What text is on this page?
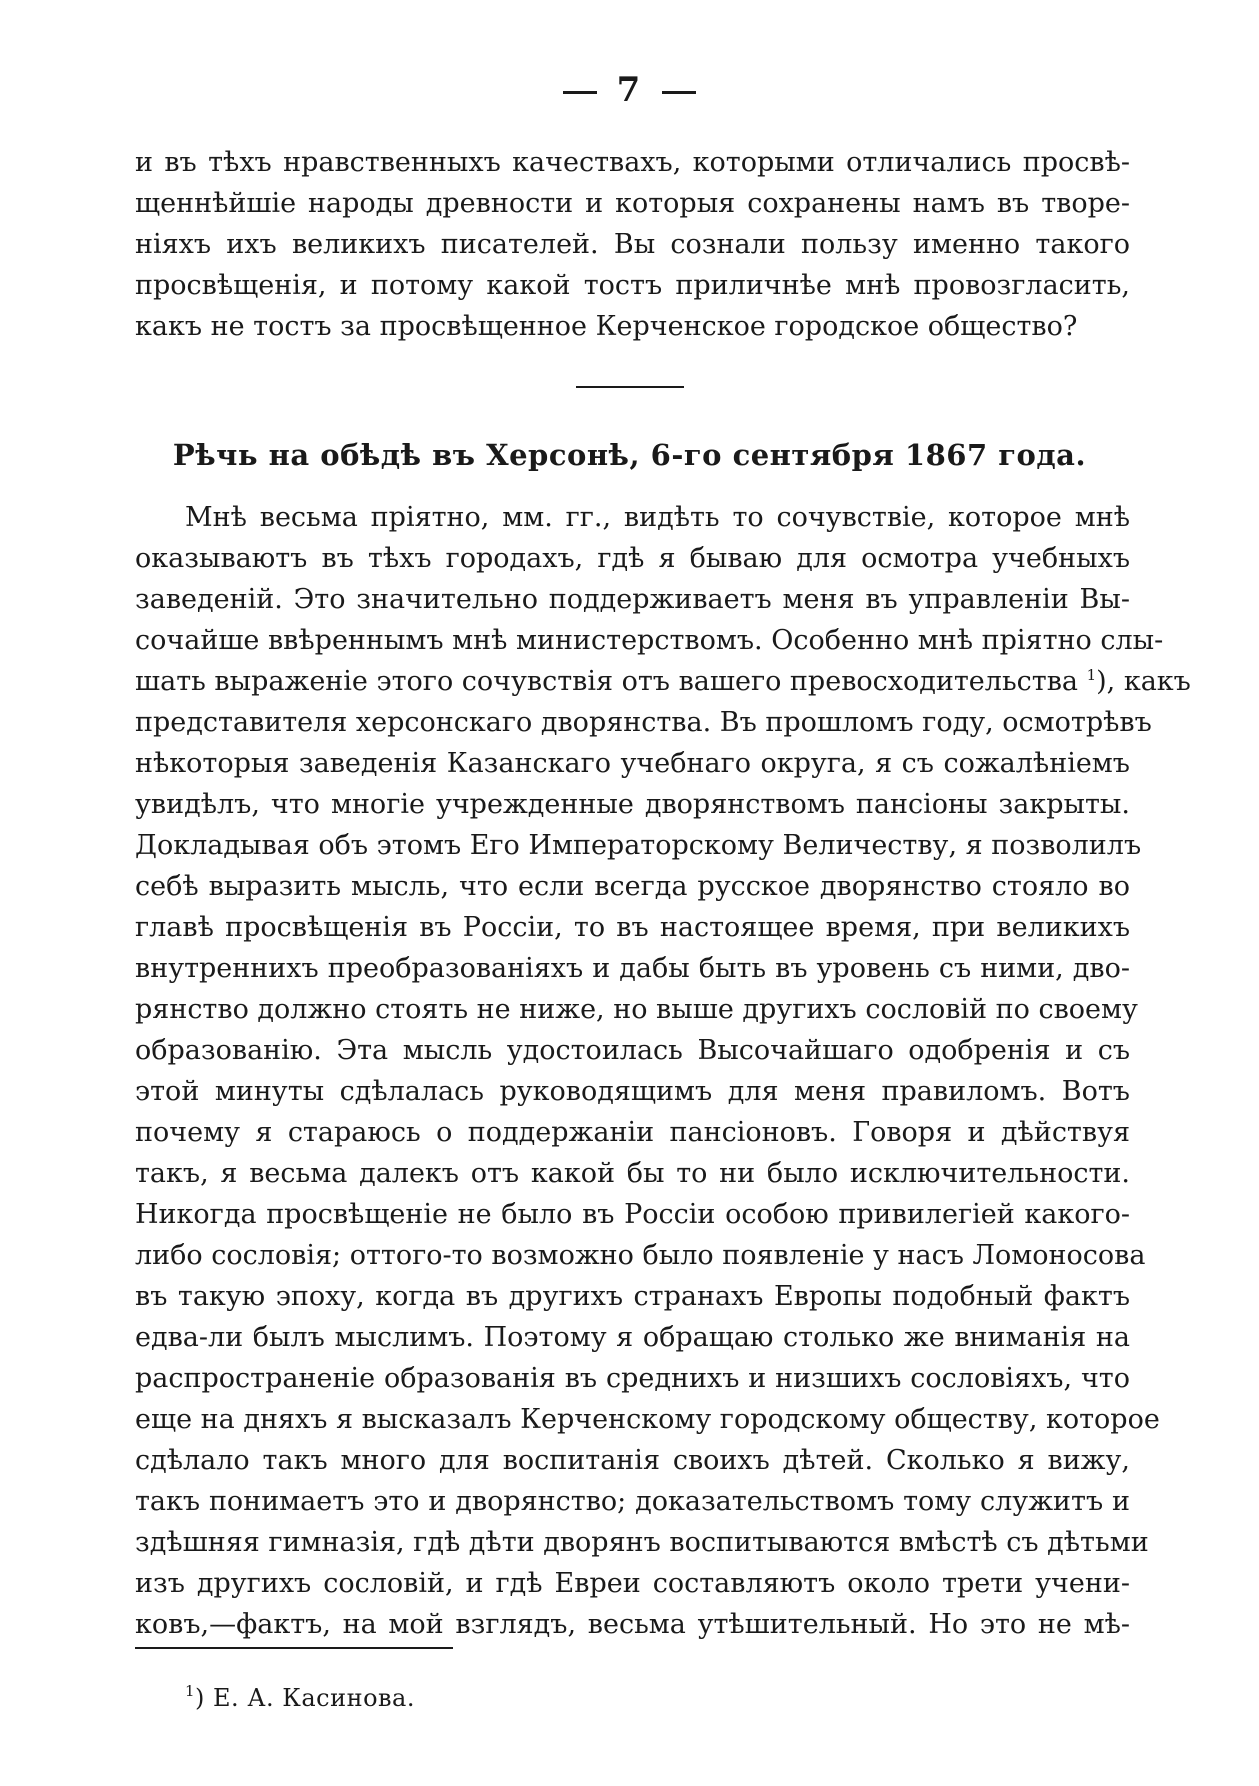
7
и въ тѣхъ нравственныхъ качествахъ, которыми отличались просвѣ-
щеннѣйшіе народы древности и которыя сохранены намъ въ творе-
ніяхъ ихъ великихъ писателей. Вы сознали пользу именно такого
просвѣщенія, и потому какой тостъ приличнѣе мнѣ провозгласить,
какъ не тостъ за просвѣщенное Керченское городское общество?
Рѣчь на обѣдѣ въ Херсонѣ, 6-го сентября 1867 года.
Мнѣ весьма пріятно, мм. гг., видѣть то сочувствіе, которое мнѣ
оказываютъ въ тѣхъ городахъ, гдѣ я бываю для осмотра учебныхъ
заведеній. Это значительно поддерживаетъ меня въ управленіи Вы-
сочайше ввѣреннымъ мнѣ министерствомъ. Особенно мнѣ пріятно слы-
шать выраженіе этого сочувствія отъ вашего превосходительства $^1$), какъ
представителя херсонскаго дворянства. Въ прошломъ году, осмотрѣвъ
нѣкоторыя заведенія Казанскаго учебнаго округа, я съ сожалѣніемъ
увидѣлъ, что многіе учрежденные дворянствомъ пансіоны закрыты.
Докладывая объ этомъ Его Императорскому Величеству, я позволилъ
себѣ выразить мысль, что если всегда русское дворянство стояло во
главѣ просвѣщенія въ Россіи, то въ настоящее время, при великихъ
внутреннихъ преобразованіяхъ и дабы быть въ уровень съ ними, дво-
рянство должно стоять не ниже, но выше другихъ сословій по своему
образованію. Эта мысль удостоилась Высочайшаго одобренія и съ
этой минуты сдѣлалась руководящимъ для меня правиломъ. Вотъ
почему я стараюсь о поддержаніи пансіоновъ. Говоря и дѣйствуя
такъ, я весьма далекъ отъ какой бы то ни было исключительности.
Никогда просвѣщеніе не было въ Россіи особою привилегіей какого-
либо сословія; оттого-то возможно было появленіе у насъ Ломоносова
въ такую эпоху, когда въ другихъ странахъ Европы подобный фактъ
едва-ли былъ мыслимъ. Поэтому я обращаю столько же вниманія на
распространеніе образованія въ среднихъ и низшихъ сословіяхъ, что
еще на дняхъ я высказалъ Керченскому городскому обществу, которое
сдѣлало такъ много для воспитанія своихъ дѣтей. Сколько я вижу,
такъ понимаетъ это и дворянство; доказательствомъ тому служитъ и
здѣшняя гимназія, гдѣ дѣти дворянъ воспитываются вмѣстѣ съ дѣтьми
изъ другихъ сословій, и гдѣ Евреи составляютъ около трети учени-
ковъ,—фактъ, на мой взглядъ, весьма утѣшительный. Но это не мѣ-
$^1$) Е. А. Касинова.
